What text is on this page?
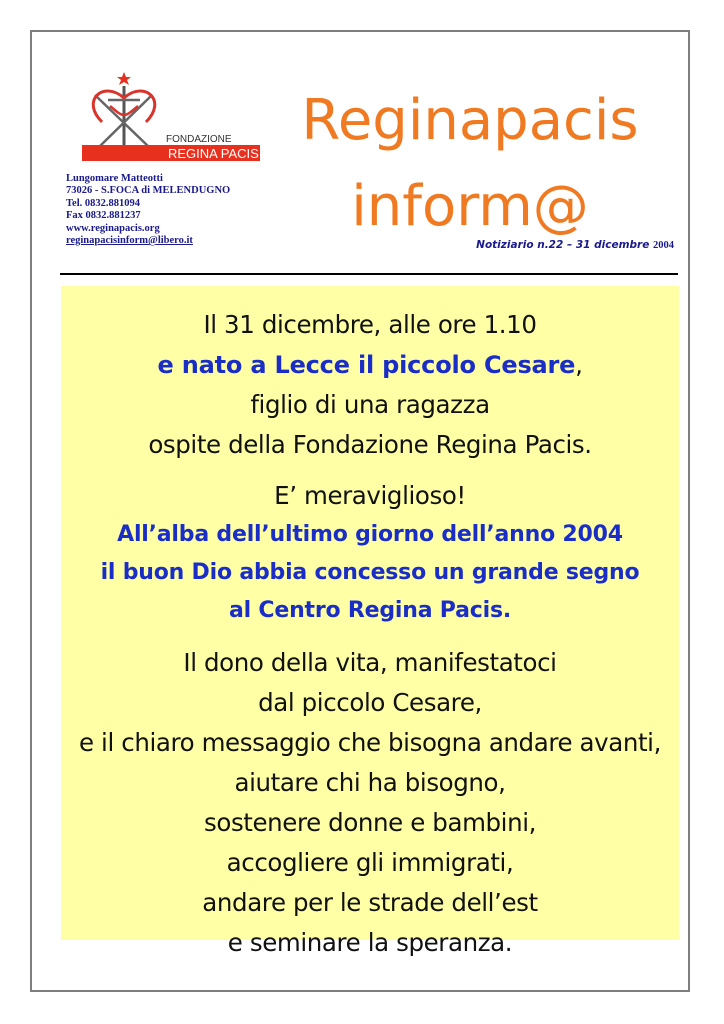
FONDAZIONE
REGINA PACIS
Lungomare Matteotti
73026 - S.FOCA di MELENDUGNO
Tel. 0832.881094
Fax 0832.881237
www.reginapacis.org
reginapacisinform@libero.it
Reginapacis
inform@
Notiziario n.22 – 31 dicembre 2004
Il 31 dicembre, alle ore 1.10
e nato a Lecce il piccolo Cesare,
figlio di una ragazza
ospite della Fondazione Regina Pacis.
E’ meraviglioso!
All’alba dell’ultimo giorno dell’anno 2004
il buon Dio abbia concesso un grande segno
al Centro Regina Pacis.
Il dono della vita, manifestatoci
dal piccolo Cesare,
e il chiaro messaggio che bisogna andare avanti,
aiutare chi ha bisogno,
sostenere donne e bambini,
accogliere gli immigrati,
andare per le strade dell’est
e seminare la speranza.
